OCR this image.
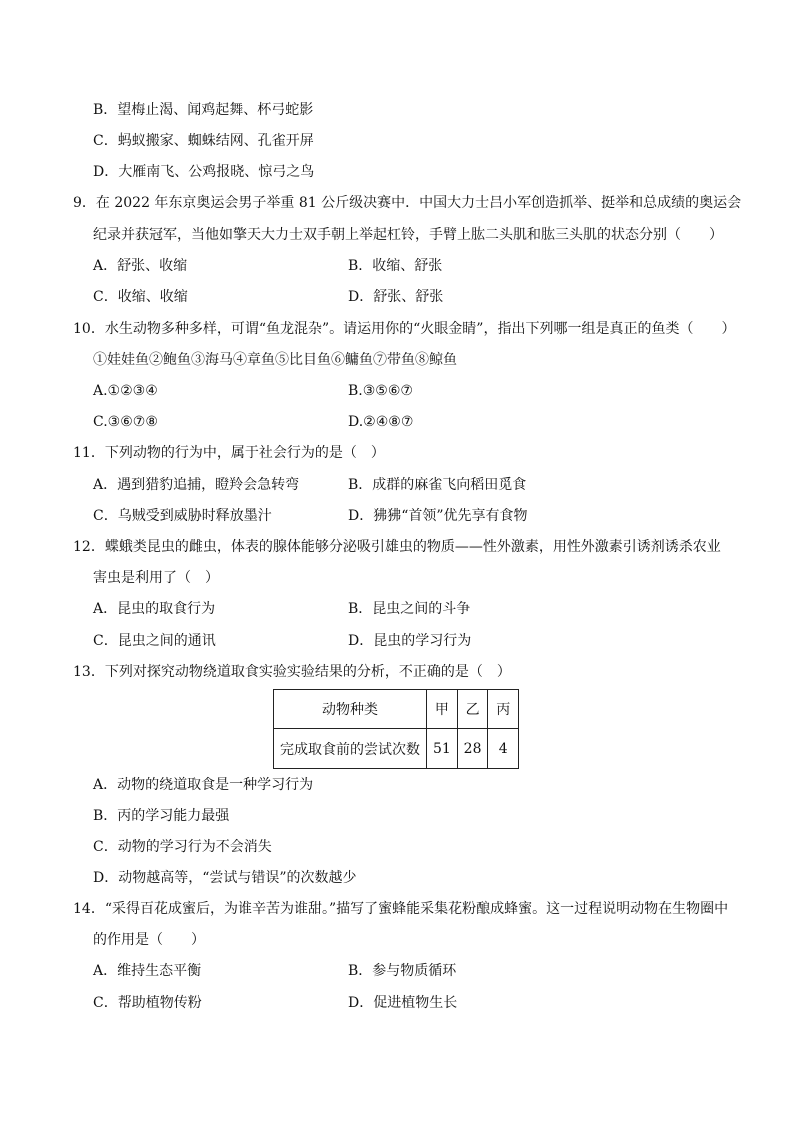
B．望梅止渴、闻鸡起舞、杯弓蛇影
C．蚂蚁搬家、蜘蛛结网、孔雀开屏
D．大雁南飞、公鸡报晓、惊弓之鸟
9．在 2022 年东京奥运会男子举重 81 公斤级决赛中．中国大力士吕小军创造抓举、挺举和总成绩的奥运会
纪录并获冠军，当他如擎天大力士双手朝上举起杠铃，手臂上肱二头肌和肱三头肌的状态分别（　　）
A．舒张、收缩	B．收缩、舒张
C．收缩、收缩	D．舒张、舒张
10．水生动物多种多样，可谓“鱼龙混杂”。请运用你的“火眼金睛”，指出下列哪一组是真正的鱼类（　　）
①娃娃鱼②鲍鱼③海马④章鱼⑤比目鱼⑥鳙鱼⑦带鱼⑧鲸鱼
A.①②③④	B.③⑤⑥⑦
C.③⑥⑦⑧	D.②④⑧⑦
11．下列动物的行为中，属于社会行为的是（　）
A．遇到猎豹追捕，瞪羚会急转弯	B．成群的麻雀飞向稻田觅食
C．乌贼受到威胁时释放墨汁	D．狒狒“首领”优先享有食物
12．蝶蛾类昆虫的雌虫，体表的腺体能够分泌吸引雄虫的物质——性外激素，用性外激素引诱剂诱杀农业
害虫是利用了（　）
A．昆虫的取食行为	B．昆虫之间的斗争
C．昆虫之间的通讯	D．昆虫的学习行为
13．下列对探究动物绕道取食实验实验结果的分析，不正确的是（　）
动物种类	甲	乙	丙
完成取食前的尝试次数	51	28	4
A．动物的绕道取食是一种学习行为
B．丙的学习能力最强
C．动物的学习行为不会消失
D．动物越高等，“尝试与错误”的次数越少
14．“采得百花成蜜后，为谁辛苦为谁甜。”描写了蜜蜂能采集花粉酿成蜂蜜。这一过程说明动物在生物圈中
的作用是（　　）
A．维持生态平衡	B．参与物质循环
C．帮助植物传粉	D．促进植物生长
